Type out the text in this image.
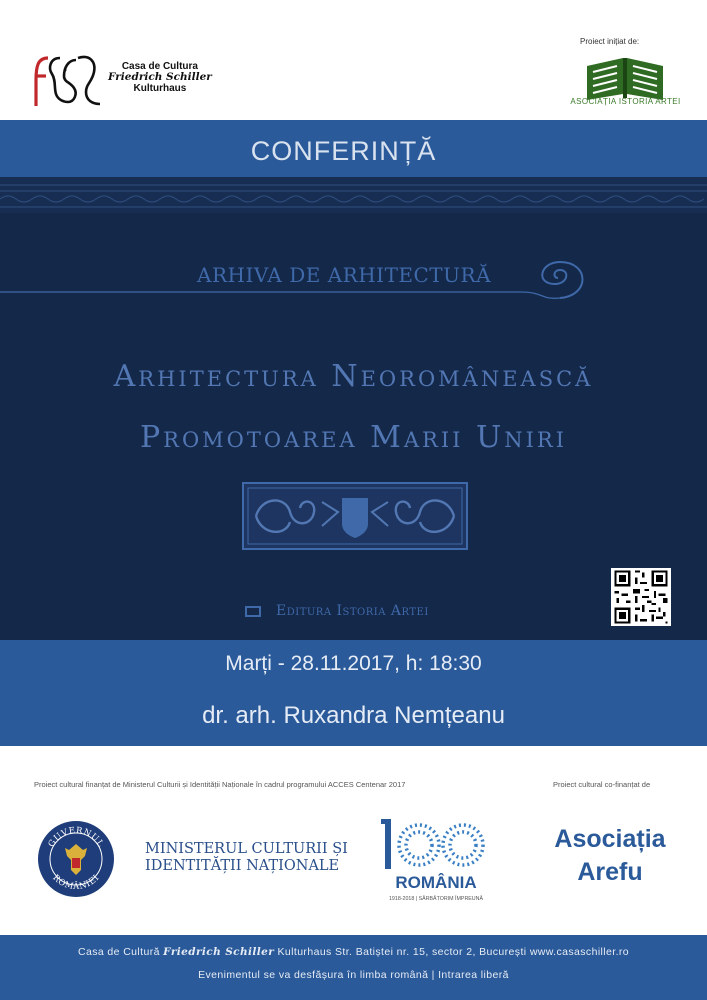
Casa de Cultura
Friedrich Schiller
Kulturhaus
Proiect inițiat de:
ASOCIAȚIA ISTORIA ARTEI
CONFERINȚĂ
ARHIVA DE ARHITECTURĂ
Arhitectura Neoromânească
Promotoarea Marii Uniri
Editura Istoria Artei
Marți - 28.11.2017, h: 18:30
dr. arh. Ruxandra Nemțeanu
Proiect cultural finanțat de Ministerul Culturii și Identității Naționale în cadrul programului ACCES Centenar 2017	Proiect cultural co-finanțat de
GUVERNUL
ROMÂNIEI
MINISTERUL CULTURII ȘI
IDENTITĂȚII NAȚIONALE
ROMÂNIA
1918-2018 | SĂRBĂTORIM ÎMPREUNĂ
Asociația
Arefu
Casa de Cultură Friedrich Schiller Kulturhaus Str. Batiștei nr. 15, sector 2, București www.casaschiller.ro
Evenimentul se va desfășura în limba română | Intrarea liberă
